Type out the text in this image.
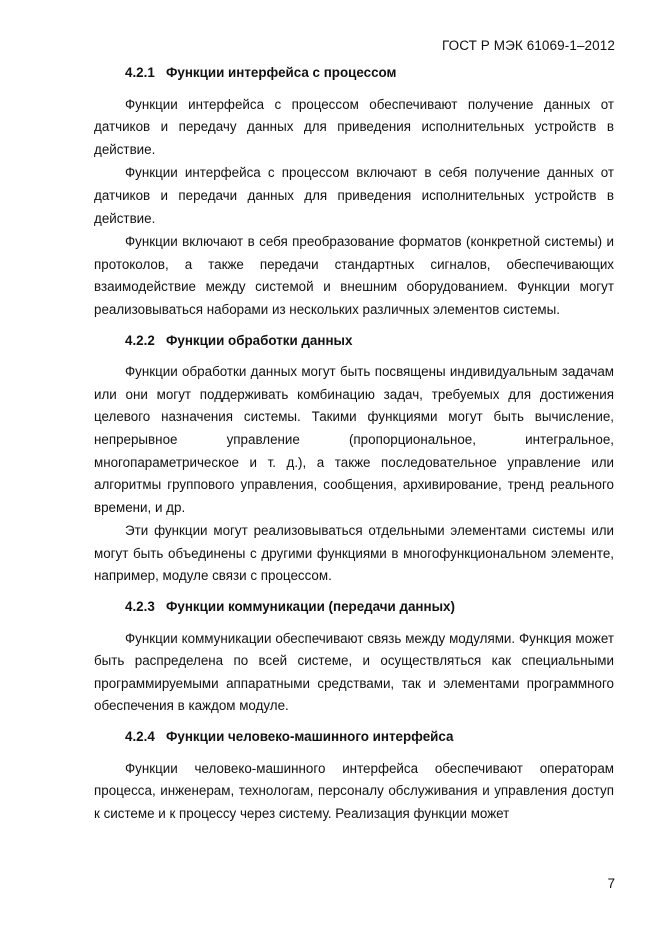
ГОСТ Р МЭК 61069-1–2012
4.2.1   Функции интерфейса с процессом

Функции интерфейса с процессом обеспечивают получение данных от датчиков и передачу данных для приведения исполнительных устройств в действие.

Функции интерфейса с процессом включают в себя получение данных от датчиков и передачи данных для приведения исполнительных устройств в действие.

Функции включают в себя преобразование форматов (конкретной системы) и протоколов, а также передачи стандартных сигналов, обеспечивающих взаимодействие между системой и внешним оборудованием. Функции могут реализовываться наборами из нескольких различных элементов системы.

4.2.2   Функции обработки данных

Функции обработки данных могут быть посвящены индивидуальным задачам или они могут поддерживать комбинацию задач, требуемых для достижения целевого назначения системы. Такими функциями могут быть вычисление, непрерывное управление (пропорциональное, интегральное, многопараметрическое и т. д.), а также последовательное управление или алгоритмы группового управления, сообщения, архивирование, тренд реального времени, и др.

Эти функции могут реализовываться отдельными элементами системы или могут быть объединены с другими функциями в многофункциональном элементе, например, модуле связи с процессом.

4.2.3   Функции коммуникации (передачи данных)

Функции коммуникации обеспечивают связь между модулями. Функция может быть распределена по всей системе, и осуществляться как специальными программируемыми аппаратными средствами, так и элементами программного обеспечения в каждом модуле.

4.2.4   Функции человеко-машинного интерфейса

Функции человеко-машинного интерфейса обеспечивают операторам процесса, инженерам, технологам, персоналу обслуживания и управления доступ к системе и к процессу через систему. Реализация функции может

7
